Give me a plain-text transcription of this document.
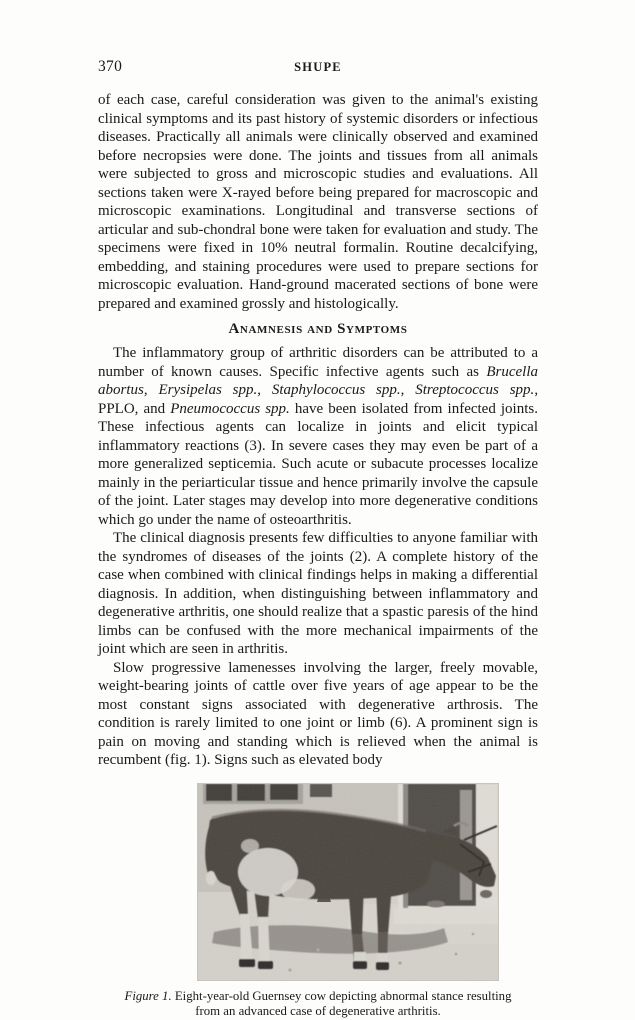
370	SHUPE

of each case, careful consideration was given to the animal's existing clinical symptoms and its past history of systemic disorders or infectious diseases. Practically all animals were clinically observed and examined before necropsies were done. The joints and tissues from all animals were subjected to gross and microscopic studies and evaluations. All sections taken were X-rayed before being prepared for macroscopic and microscopic examinations. Longitudinal and transverse sections of articular and sub-chondral bone were taken for evaluation and study. The specimens were fixed in 10% neutral formalin. Routine decalcifying, embedding, and staining procedures were used to prepare sections for microscopic evaluation. Hand-ground macerated sections of bone were prepared and examined grossly and histologically.

Anamnesis and Symptoms

The inflammatory group of arthritic disorders can be attributed to a number of known causes. Specific infective agents such as Brucella abortus, Erysipelas spp., Staphylococcus spp., Streptococcus spp., PPLO, and Pneumococcus spp. have been isolated from infected joints. These infectious agents can localize in joints and elicit typical inflammatory reactions (3). In severe cases they may even be part of a more generalized septicemia. Such acute or subacute processes localize mainly in the periarticular tissue and hence primarily involve the capsule of the joint. Later stages may develop into more degenerative conditions which go under the name of osteoarthritis.

The clinical diagnosis presents few difficulties to anyone familiar with the syndromes of diseases of the joints (2). A complete history of the case when combined with clinical findings helps in making a differential diagnosis. In addition, when distinguishing between inflammatory and degenerative arthritis, one should realize that a spastic paresis of the hind limbs can be confused with the more mechanical impairments of the joint which are seen in arthritis.

Slow progressive lamenesses involving the larger, freely movable, weight-bearing joints of cattle over five years of age appear to be the most constant signs associated with degenerative arthrosis. The condition is rarely limited to one joint or limb (6). A prominent sign is pain on moving and standing which is relieved when the animal is recumbent (fig. 1). Signs such as elevated body

Figure 1. Eight-year-old Guernsey cow depicting abnormal stance resulting from an advanced case of degenerative arthritis.
